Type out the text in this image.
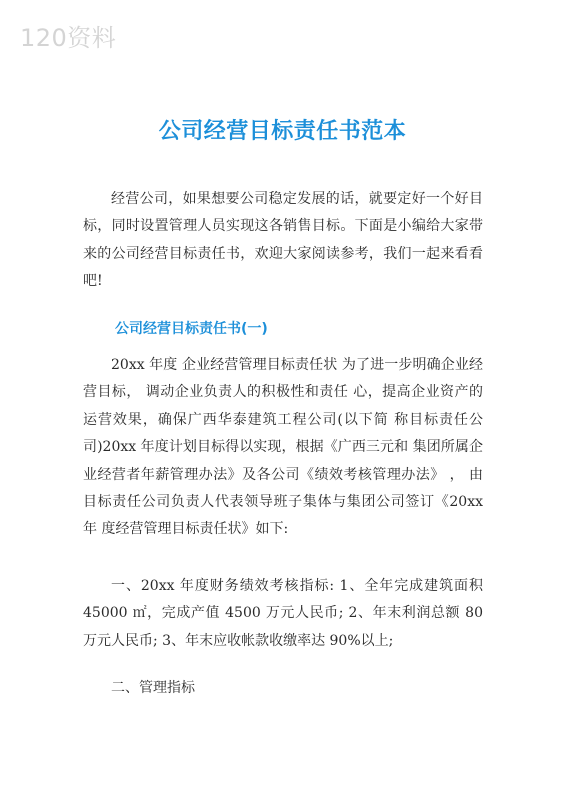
120资料
公司经营目标责任书范本

经营公司，如果想要公司稳定发展的话，就要定好一个好目标，同时设置管理人员实现这各销售目标。下面是小编给大家带来的公司经营目标责任书，欢迎大家阅读参考，我们一起来看看吧!

公司经营目标责任书(一)

20xx 年度 企业经营管理目标责任状 为了进一步明确企业经营目标， 调动企业负责人的积极性和责任 心，提高企业资产的运营效果，确保广西华泰建筑工程公司(以下简 称目标责任公司)20xx 年度计划目标得以实现，根据《广西三元和 集团所属企业经营者年薪管理办法》及各公司《绩效考核管理办法》 ， 由目标责任公司负责人代表领导班子集体与集团公司签订《20xx 年 度经营管理目标责任状》如下:

一、20xx 年度财务绩效考核指标: 1、全年完成建筑面积 45000 ㎡，完成产值 4500 万元人民币; 2、年末利润总额 80 万元人民币; 3、年末应收帐款收缴率达 90%以上;

二、管理指标
